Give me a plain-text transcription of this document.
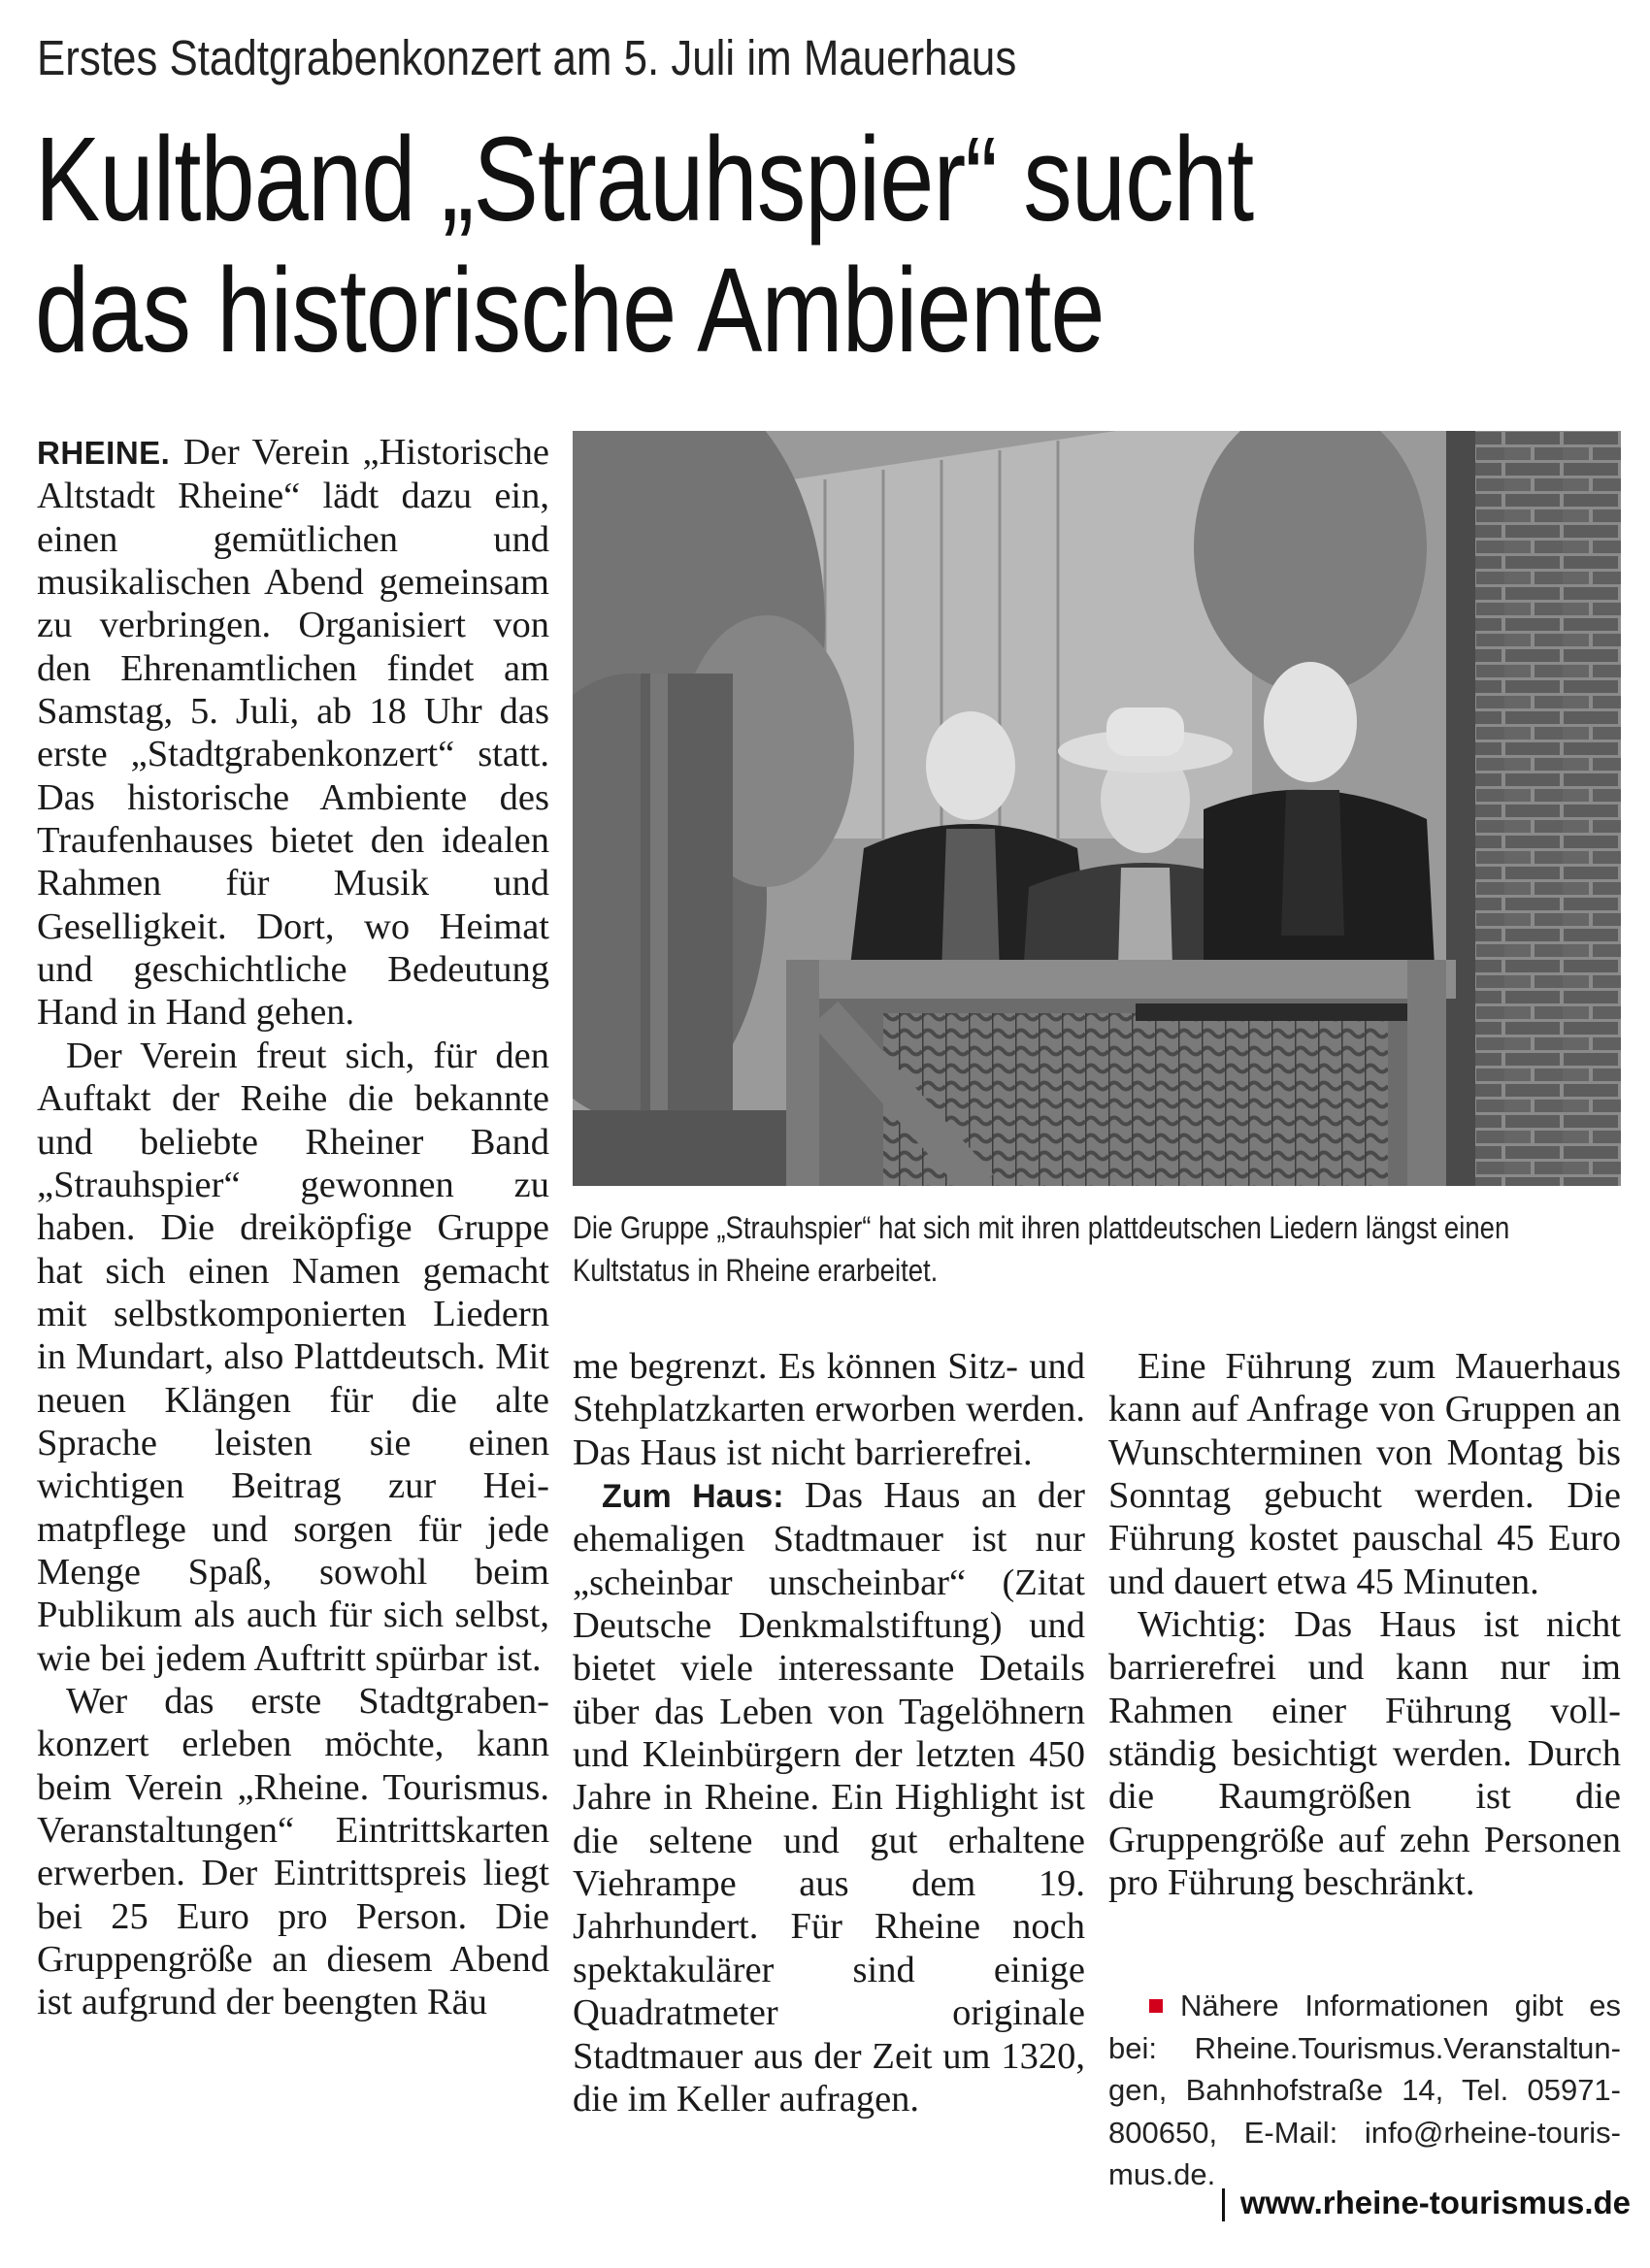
Erstes Stadtgrabenkonzert am 5. Juli im Mauerhaus
Kultband „Strauhspier“ sucht
das historische Ambiente

RHEINE. Der Verein „Historische Altstadt Rheine“ lädt dazu ein, einen gemütlichen und musikalischen Abend gemeinsam zu verbringen. Organisiert von den Ehrenamtlichen findet am Samstag, 5. Juli, ab 18 Uhr das erste „Stadtgrabenkonzert“ statt. Das historische Ambiente des Traufenhauses bietet den idealen Rahmen für Musik und Geselligkeit. Dort, wo Heimat und geschichtliche Bedeutung Hand in Hand gehen.

Der Verein freut sich, für den Auftakt der Reihe die bekannte und beliebte Rheiner Band „Strauhspier“ gewonnen zu haben. Die dreiköpfige Gruppe hat sich einen Namen gemacht mit selbstkomponierten Liedern in Mundart, also Plattdeutsch. Mit neuen Klängen für die alte Sprache leisten sie einen wichtigen Beitrag zur Heimatpflege und sorgen für jede Menge Spaß, sowohl beim Publikum als auch für sich selbst, wie bei jedem Auftritt spürbar ist.

Wer das erste Stadtgrabenkonzert erleben möchte, kann beim Verein „Rheine. Tourismus. Veranstaltungen“ Eintrittskarten erwerben. Der Eintrittspreis liegt bei 25 Euro pro Person. Die Gruppengröße an diesem Abend ist aufgrund der beengten Räu

Die Gruppe „Strauhspier“ hat sich mit ihren plattdeutschen Liedern längst einen Kultstatus in Rheine erarbeitet.

me begrenzt. Es können Sitz- und Stehplatzkarten erworben werden. Das Haus ist nicht barrierefrei.

Zum Haus: Das Haus an der ehemaligen Stadtmauer ist nur „scheinbar unscheinbar“ (Zitat Deutsche Denkmalstiftung) und bietet viele interessante Details über das Leben von Tagelöhnern und Kleinbürgern der letzten 450 Jahre in Rheine. Ein Highlight ist die seltene und gut erhaltene Viehrampe aus dem 19. Jahrhundert. Für Rheine noch spektakulärer sind einige Quadratmeter originale Stadtmauer aus der Zeit um 1320, die im Keller aufragen.

Eine Führung zum Mauerhaus kann auf Anfrage von Gruppen an Wunschterminen von Montag bis Sonntag gebucht werden. Die Führung kostet pauschal 45 Euro und dauert etwa 45 Minuten.

Wichtig: Das Haus ist nicht barrierefrei und kann nur im Rahmen einer Führung vollständig besichtigt werden. Durch die Raumgrößen ist die Gruppengröße auf zehn Personen pro Führung beschränkt.

Nähere Informationen gibt es bei: Rheine.Tourismus.Veranstaltungen, Bahnhofstraße 14, Tel. 05971-800650, E-Mail: info@rheine-tourismus.de.
www.rheine-tourismus.de
